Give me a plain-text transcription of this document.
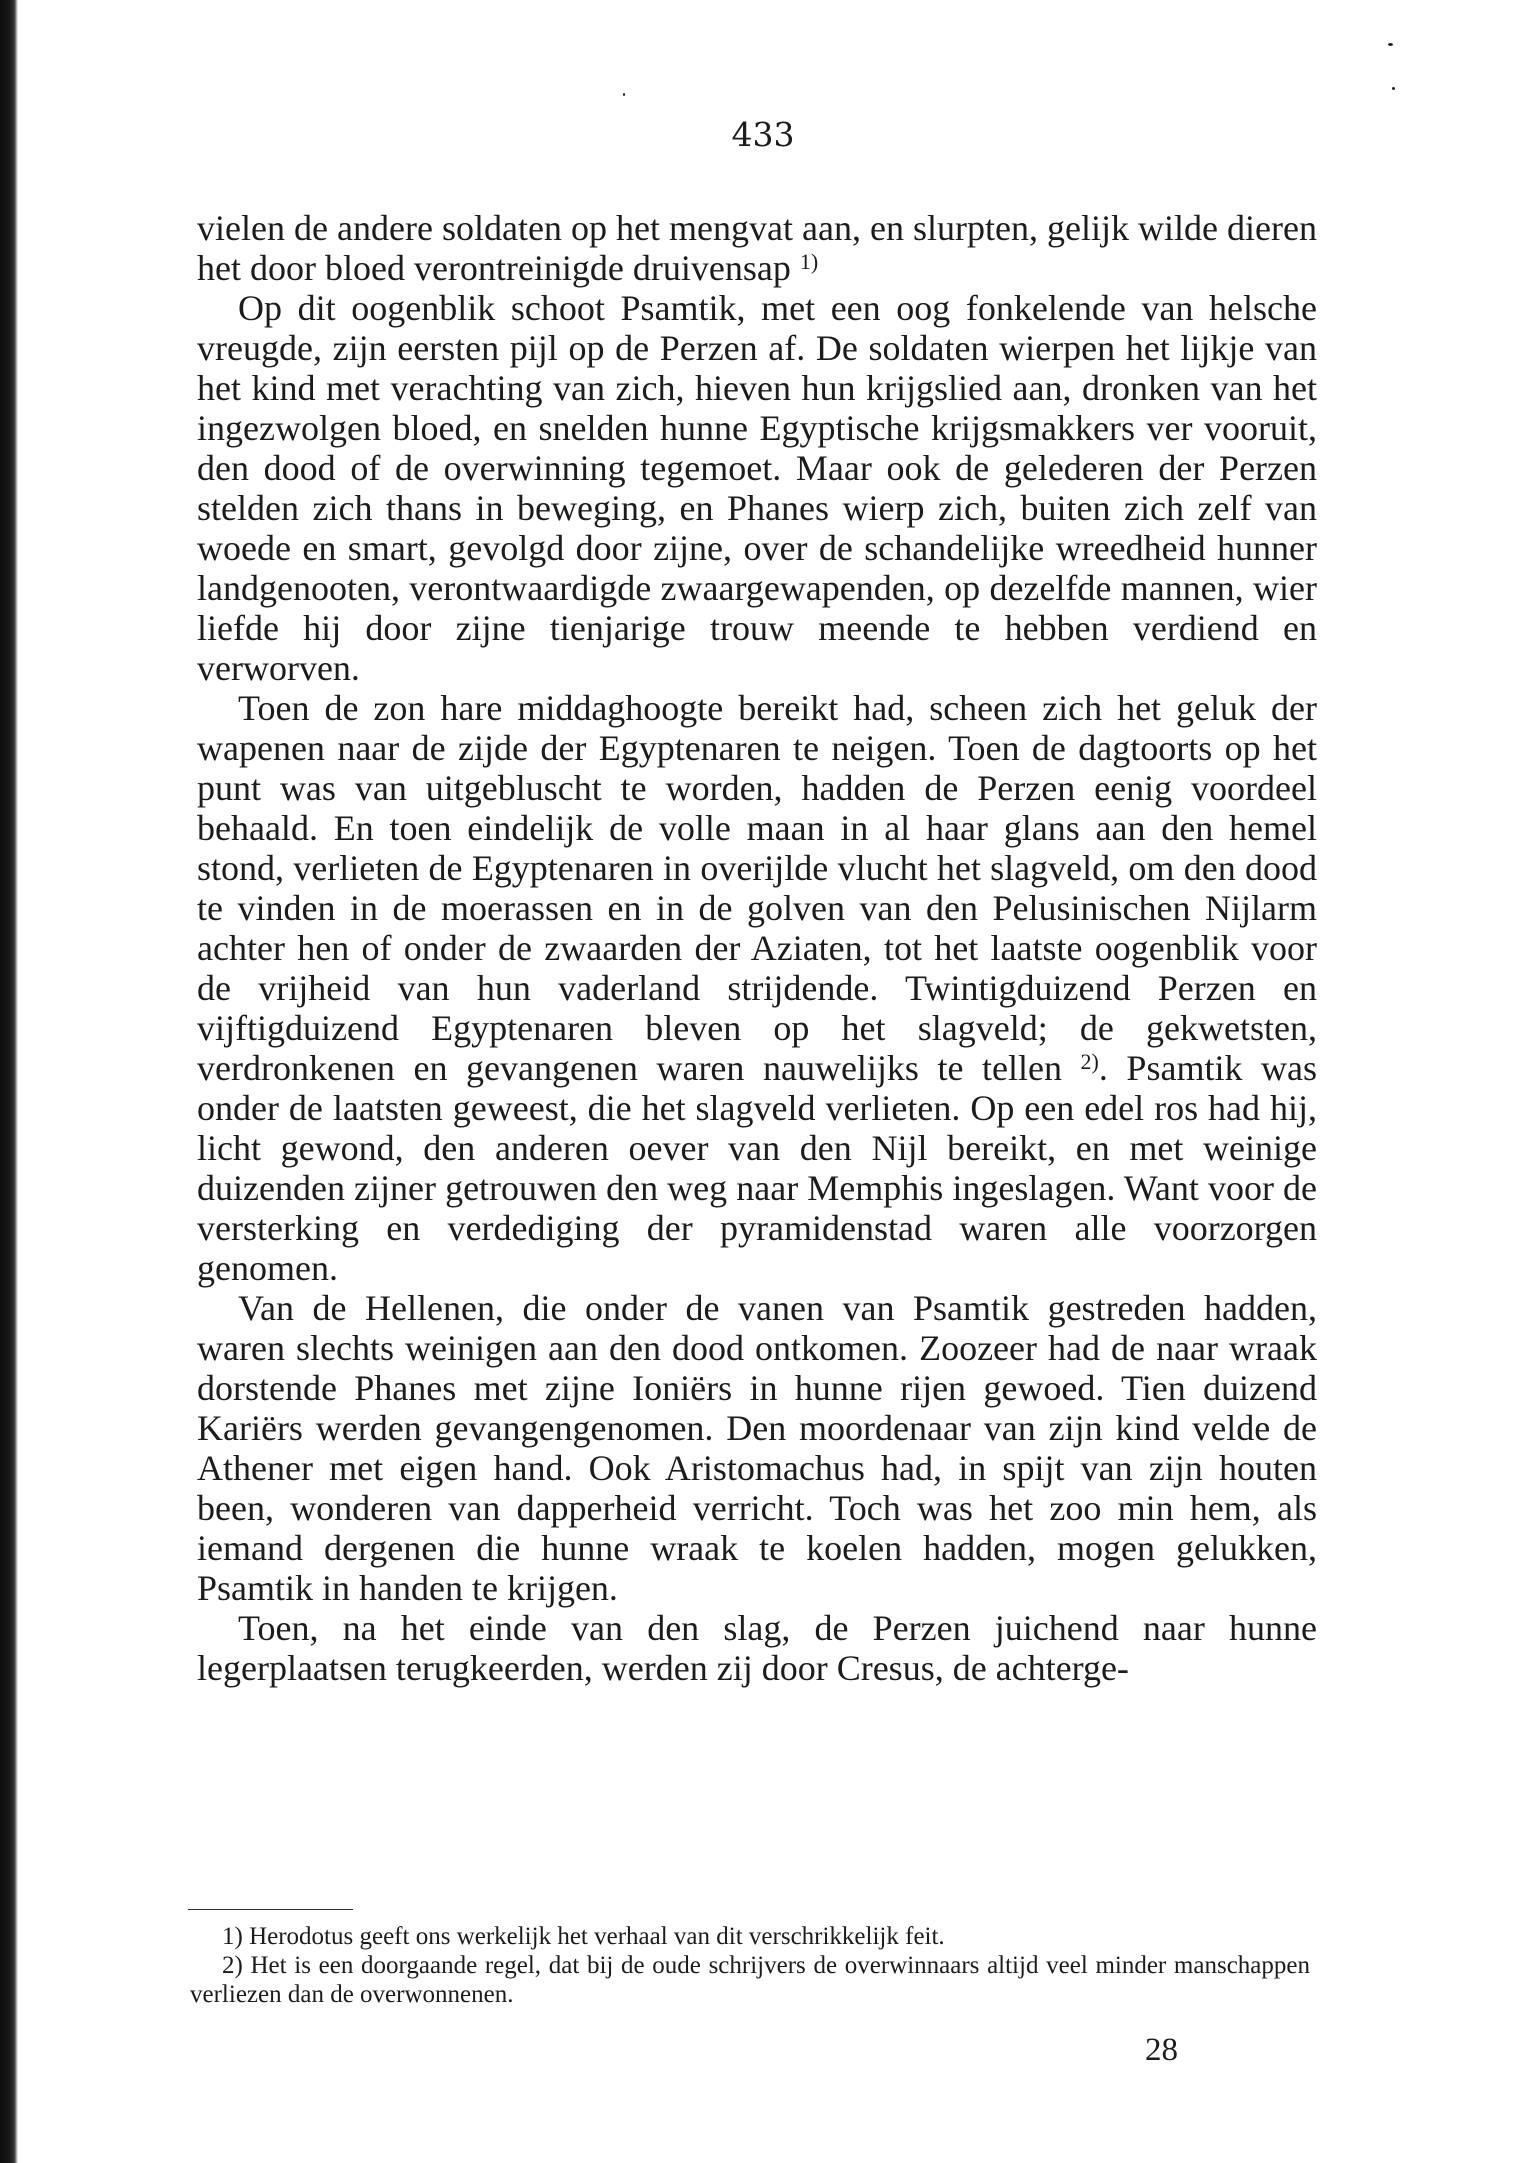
433

vielen de andere soldaten op het mengvat aan, en slurpten, gelijk wilde dieren het door bloed verontreinigde druivensap $^{1)}$

Op dit oogenblik schoot Psamtik, met een oog fonkelende van helsche vreugde, zijn eersten pijl op de Perzen af. De soldaten wierpen het lijkje van het kind met verachting van zich, hieven hun krijgslied aan, dronken van het ingezwolgen bloed, en snelden hunne Egyptische krijgsmakkers ver vooruit, den dood of de overwinning tegemoet. Maar ook de gelederen der Perzen stelden zich thans in beweging, en Phanes wierp zich, buiten zich zelf van woede en smart, gevolgd door zijne, over de schandelijke wreedheid hunner landgenooten, verontwaardigde zwaargewapenden, op dezelfde mannen, wier liefde hij door zijne tienjarige trouw meende te hebben verdiend en verworven.

Toen de zon hare middaghoogte bereikt had, scheen zich het geluk der wapenen naar de zijde der Egyptenaren te neigen. Toen de dagtoorts op het punt was van uitgebluscht te worden, hadden de Perzen eenig voordeel behaald. En toen eindelijk de volle maan in al haar glans aan den hemel stond, verlieten de Egyptenaren in overijlde vlucht het slagveld, om den dood te vinden in de moerassen en in de golven van den Pelusinischen Nijlarm achter hen of onder de zwaarden der Aziaten, tot het laatste oogenblik voor de vrijheid van hun vaderland strijdende. Twintigduizend Perzen en vijftigduizend Egyptenaren bleven op het slagveld; de gekwetsten, verdronkenen en gevangenen waren nauwelijks te tellen $^{2)}$. Psamtik was onder de laatsten geweest, die het slagveld verlieten. Op een edel ros had hij, licht gewond, den anderen oever van den Nijl bereikt, en met weinige duizenden zijner getrouwen den weg naar Memphis ingeslagen. Want voor de versterking en verdediging der pyramidenstad waren alle voorzorgen genomen.

Van de Hellenen, die onder de vanen van Psamtik gestreden hadden, waren slechts weinigen aan den dood ontkomen. Zoozeer had de naar wraak dorstende Phanes met zijne Ioniërs in hunne rijen gewoed. Tien duizend Kariërs werden gevangengenomen. Den moordenaar van zijn kind velde de Athener met eigen hand. Ook Aristomachus had, in spijt van zijn houten been, wonderen van dapperheid verricht. Toch was het zoo min hem, als iemand dergenen die hunne wraak te koelen hadden, mogen gelukken, Psamtik in handen te krijgen.

Toen, na het einde van den slag, de Perzen juichend naar hunne legerplaatsen terugkeerden, werden zij door Cresus, de achterge-

1) Herodotus geeft ons werkelijk het verhaal van dit verschrikkelijk feit.

2) Het is een doorgaande regel, dat bij de oude schrijvers de overwinnaars altijd veel minder manschappen verliezen dan de overwonnenen.

28
